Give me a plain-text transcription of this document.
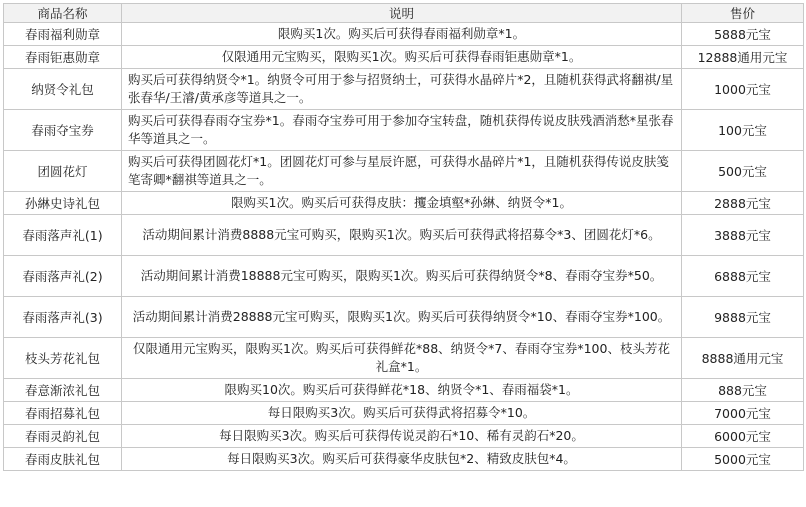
商品名称	说明	售价
春雨福利勋章	限购买1次。购买后可获得春雨福利勋章*1。	5888元宝
春雨钜惠勋章	仅限通用元宝购买，限购买1次。购买后可获得春雨钜惠勋章*1。	12888通用元宝
纳贤令礼包	购买后可获得纳贤令*1。纳贤令可用于参与招贤纳士，可获得水晶碎片*2，且随机获得武将翻祺/星张春华/王濬/黄承彦等道具之一。	1000元宝
春雨夺宝券	购买后可获得春雨夺宝券*1。春雨夺宝券可用于参加夺宝转盘，随机获得传说皮肤残酒消愁*星张春华等道具之一。	100元宝
团圆花灯	购买后可获得团圆花灯*1。团圆花灯可参与星辰许愿，可获得水晶碎片*1，且随机获得传说皮肤笺笔寄卿*翻祺等道具之一。	500元宝
孙綝史诗礼包	限购买1次。购买后可获得皮肤：攫金填壑*孙綝、纳贤令*1。	2888元宝
春雨落声礼(1)	活动期间累计消费8888元宝可购买，限购买1次。购买后可获得武将招募令*3、团圆花灯*6。	3888元宝
春雨落声礼(2)	活动期间累计消费18888元宝可购买，限购买1次。购买后可获得纳贤令*8、春雨夺宝券*50。	6888元宝
春雨落声礼(3)	活动期间累计消费28888元宝可购买，限购买1次。购买后可获得纳贤令*10、春雨夺宝券*100。	9888元宝
枝头芳花礼包	仅限通用元宝购买，限购买1次。购买后可获得鲜花*88、纳贤令*7、春雨夺宝券*100、枝头芳花礼盒*1。	8888通用元宝
春意渐浓礼包	限购买10次。购买后可获得鲜花*18、纳贤令*1、春雨福袋*1。	888元宝
春雨招募礼包	每日限购买3次。购买后可获得武将招募令*10。	7000元宝
春雨灵韵礼包	每日限购买3次。购买后可获得传说灵韵石*10、稀有灵韵石*20。	6000元宝
春雨皮肤礼包	每日限购买3次。购买后可获得豪华皮肤包*2、精致皮肤包*4。	5000元宝
